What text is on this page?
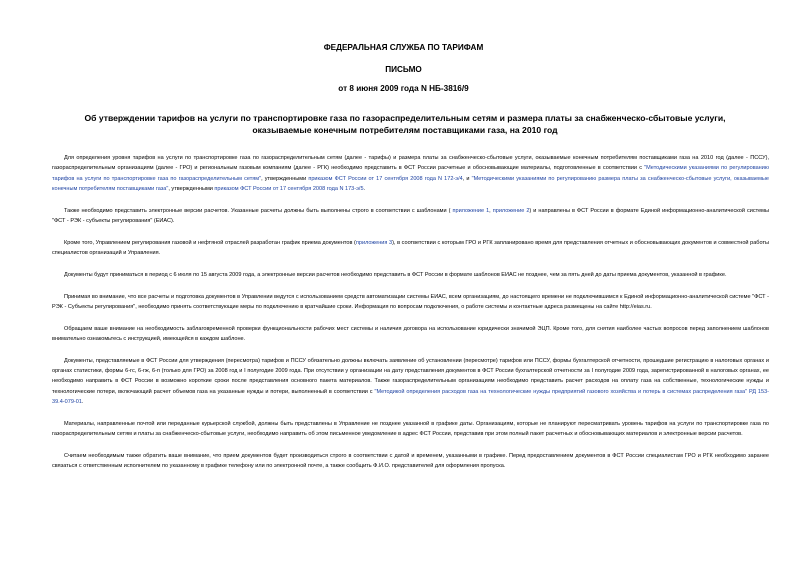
ФЕДЕРАЛЬНАЯ СЛУЖБА ПО ТАРИФАМ
ПИСЬМО
от 8 июня 2009 года N НБ-3816/9
Об утверждении тарифов на услуги по транспортировке газа по газораспределительным сетям и размера платы за снабженческо-сбытовые услуги, оказываемые конечным потребителям поставщиками газа, на 2010 год

Для определения уровня тарифов на услуги по транспортировке газа по газораспределительным сетям (далее - тарифы) и размера платы за снабженческо-сбытовые услуги, оказываемые конечным потребителям поставщиками газа на 2010 год (далее - ПССУ), газораспределительным организациям (далее - ГРО) и региональным газовым компаниям (далее - РГК) необходимо представить в ФСТ России расчетные и обосновывающие материалы, подготовленные в соответствии с "Методическими указаниями по регулированию тарифов на услуги по транспортировке газа по газораспределительным сетям", утвержденными приказом ФСТ России от 17 сентября 2008 года N 172-э/4, и "Методическими указаниями по регулированию размера платы за снабженческо-сбытовые услуги, оказываемые конечным потребителям поставщиками газа", утвержденными приказом ФСТ России от 17 сентября 2008 года N 173-э/5.

Также необходимо представить электронные версии расчетов. Указанные расчеты должны быть выполнены строго в соответствии с шаблонами ( приложение 1, приложение 2) и направлены в ФСТ России в формате Единой информационно-аналитической системы "ФСТ - РЭК - субъекты регулирования" (ЕИАС).

Кроме того, Управлением регулирования газовой и нефтяной отраслей разработан график приема документов (приложения 3), в соответствии с которым ГРО и РГК запланировано время для представления отчетных и обосновывающих документов и совместной работы специалистов организаций и Управления.

Документы будут приниматься в период с 6 июля по 15 августа 2009 года, а электронные версии расчетов необходимо представить в ФСТ России в формате шаблонов ЕИАС не позднее, чем за пять дней до даты приема документов, указанной в графике.

Принимая во внимание, что все расчеты и подготовка документов в Управлении ведутся с использованием средств автоматизации системы ЕИАС, всем организациям, до настоящего времени не подключившимся к Единой информационно-аналитической системе "ФСТ - РЭК - Субъекты регулирования", необходимо принять соответствующие меры по подключению в кратчайшие сроки. Информация по вопросам подключения, о работе системы и контактные адреса размещены на сайте http://eias.ru.

Обращаем ваше внимание на необходимость заблаговременной проверки функциональности рабочих мест системы и наличия договора на использование юридически значимой ЭЦП. Кроме того, для снятия наиболее частых вопросов перед заполнением шаблонов внимательно ознакомьтесь с инструкцией, имеющейся в каждом шаблоне.

Документы, представляемые в ФСТ России для утверждения (пересмотра) тарифов и ПССУ обязательно должны включать заявление об установлении (пересмотре) тарифов или ПССУ, формы бухгалтерской отчетности, прошедшие регистрацию в налоговых органах и органах статистики, формы 6-гс, 6-гж, 6-п (только для ГРО) за 2008 год и I полугодие 2009 года. При отсутствии у организации на дату представления документов в ФСТ России бухгалтерской отчетности за I полугодие 2009 года, зарегистрированной в налоговых органах, ее необходимо направить в ФСТ России в возможно короткие сроки после представления основного пакета материалов. Также газораспределительным организациям необходимо представить расчет расходов на оплату газа на собственные, технологические нужды и технологические потери, включающий расчет объемов газа на указанные нужды и потери, выполненный в соответствии с "Методикой определения расходов газа на технологические нужды предприятий газового хозяйства и потерь в системах распределения газа" РД 153-39.4-079-01.

Материалы, направленные почтой или переданные курьерской службой, должны быть представлены в Управление не позднее указанной в графике даты. Организациям, которые не планируют пересматривать уровень тарифов на услуги по транспортировке газа по газораспределительным сетям и платы за снабженческо-сбытовые услуги, необходимо направить об этом письменное уведомление в адрес ФСТ России, представив при этом полный пакет расчетных и обосновывающих материалов и электронные версии расчетов.

Считаем необходимым также обратить ваше внимание, что прием документов будет производиться строго в соответствии с датой и временем, указанными в графике. Перед предоставлением документов в ФСТ России специалистам ГРО и РГК необходимо заранее связаться с ответственным исполнителем по указанному в графике телефону или по электронной почте, а также сообщить Ф.И.О. представителей для оформления пропуска.
